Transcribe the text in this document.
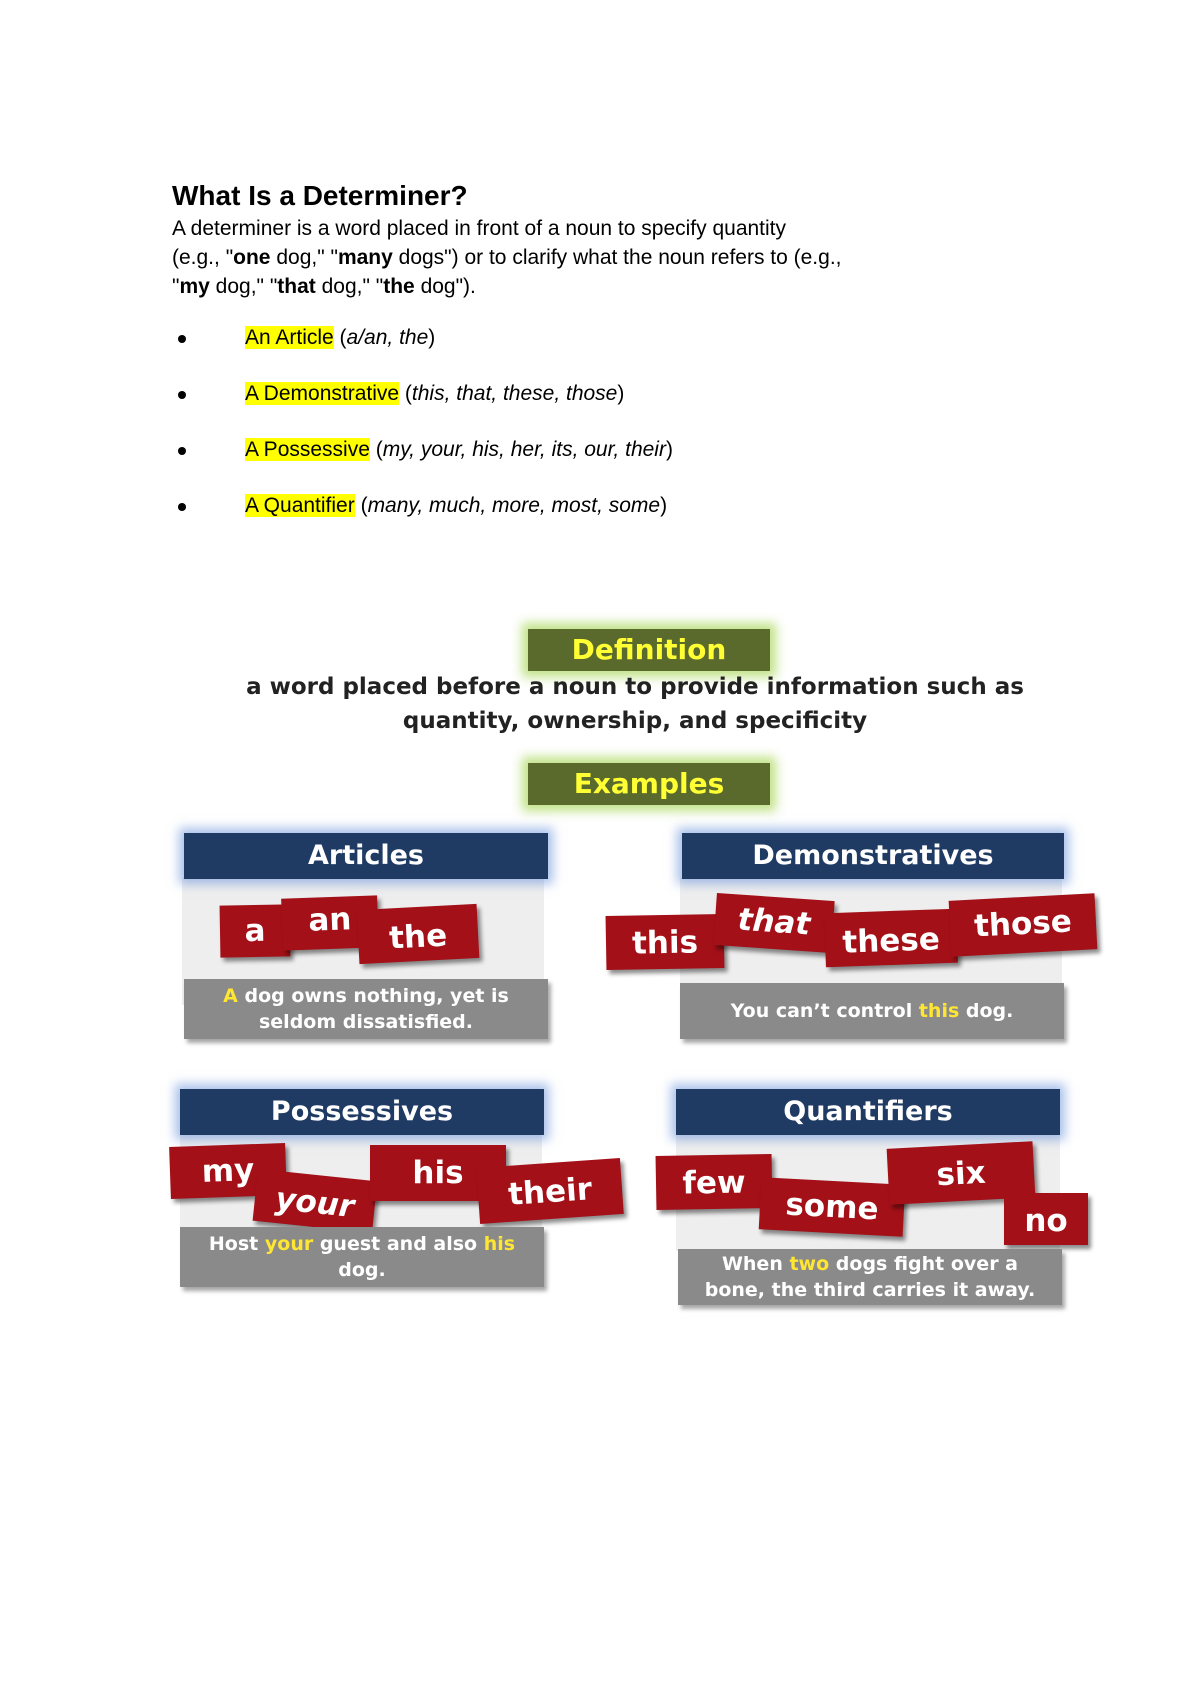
What Is a Determiner?

A determiner is a word placed in front of a noun to specify quantity
(e.g., "one dog," "many dogs") or to clarify what the noun refers to (e.g.,
"my dog," "that dog," "the dog").

An Article (a/an, the)
A Demonstrative (this, that, these, those)
A Possessive (my, your, his, her, its, our, their)
A Quantifier (many, much, more, most, some)
Definition
a word placed before a noun to provide information such as
quantity, ownership, and specificity
Examples
Articles
a	an	the
A dog owns nothing, yet is
seldom dissatisfied.
Demonstratives
this
that these	those
You can’t control this dog.
Possessives
my
your
his	their
Host your guest and also his
dog.
Quantifiers
few
some
six
no
When two dogs fight over a
bone, the third carries it away.
